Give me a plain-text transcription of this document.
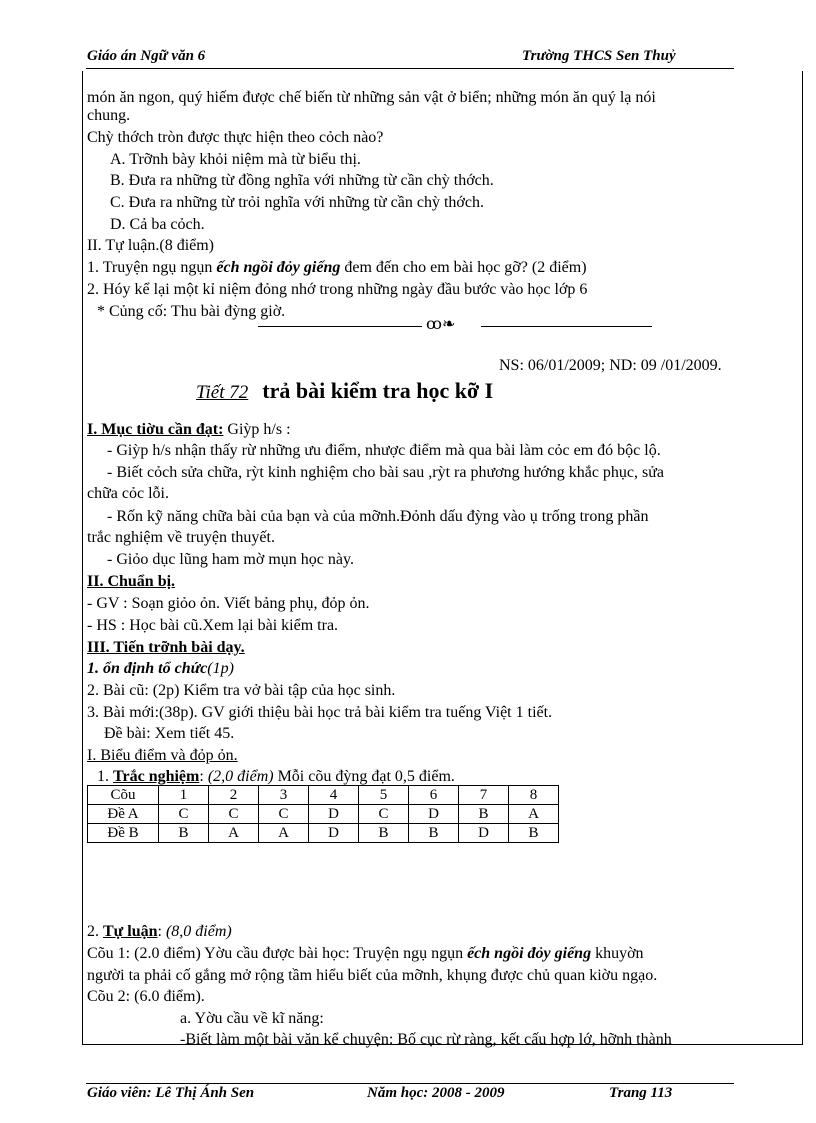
Giáo án Ngữ văn 6	Trường THCS Sen Thuỷ
món ăn ngon, quý hiếm được chế biến từ những sản vật ở biển; những món ăn quý lạ nói
chung.
Chỳ thớch tròn được thực hiện theo cỏch nào?
A. Trỡnh bày khỏi niệm mà từ biểu thị.
B. Đưa ra những từ đồng nghĩa với những từ cần chỳ thớch.
C. Đưa ra những từ trỏi nghĩa với những từ cần chỳ thớch.
D. Cả ba cỏch.
II. Tự luận.(8 điểm)
1. Truyện ngụ ngụn ếch ngồi đỏy giếng đem đến cho em bài học gỡ? (2 điểm)
2. Hóy kể lại một kỉ niệm đỏng nhớ trong những ngày đầu bước vào học lớp 6
* Củng cố: Thu bài đỳng giờ.
ꝏ❧
NS: 06/01/2009; ND: 09 /01/2009.
Tiết 72 trả bài kiểm tra học kỡ I
I. Mục tiờu cần đạt: Giỳp h/s :
- Giỳp h/s nhận thấy rừ những ưu điểm, nhược điểm mà qua bài làm cỏc em đó bộc lộ.
- Biết cỏch sửa chữa, rỳt kinh nghiệm cho bài sau ,rỳt ra phương hướng khắc phục, sửa
chữa cỏc lỗi.
- Rốn kỹ năng chữa bài của bạn và của mỡnh.Đỏnh dấu đỳng vào ụ trống trong phần
trắc nghiệm về truyện thuyết.
- Giỏo dục lũng ham mờ mụn học này.
II. Chuẩn bị.
- GV : Soạn giỏo ỏn. Viết bảng phụ, đỏp ỏn.
- HS : Học bài cũ.Xem lại bài kiểm tra.
III. Tiến trỡnh bài dạy.
1. ổn định tổ chức(1p)
2. Bài cũ: (2p) Kiểm tra vở bài tập của học sinh.
3. Bài mới:(38p). GV giới thiệu bài học trả bài kiểm tra tuếng Việt 1 tiết.
Đề bài: Xem tiết 45.
I. Biểu điểm và đỏp ỏn.
1. Trắc nghiệm: (2,0 điểm) Mỗi cõu đỳng đạt 0,5 điểm.
Cõu	1	2	3	4	5	6	7	8
Đề A	C	C	C	D	C	D	B	A
Đề B	B	A	A	D	B	B	D	B
2. Tự luận: (8,0 điểm)
Cõu 1: (2.0 điểm) Yờu cầu được bài học: Truyện ngụ ngụn ếch ngồi đỏy giếng khuyờn
người ta phải cố gắng mở rộng tầm hiểu biết của mỡnh, khụng được chủ quan kiờu ngạo.
Cõu 2: (6.0 điểm).
a. Yờu cầu về kĩ năng:
-Biết làm một bài văn kể chuyện: Bố cục rừ ràng, kết cấu hợp lớ, hỡnh thành
Giáo viên: Lê Thị Ánh Sen	Năm học: 2008 - 2009	Trang 113
